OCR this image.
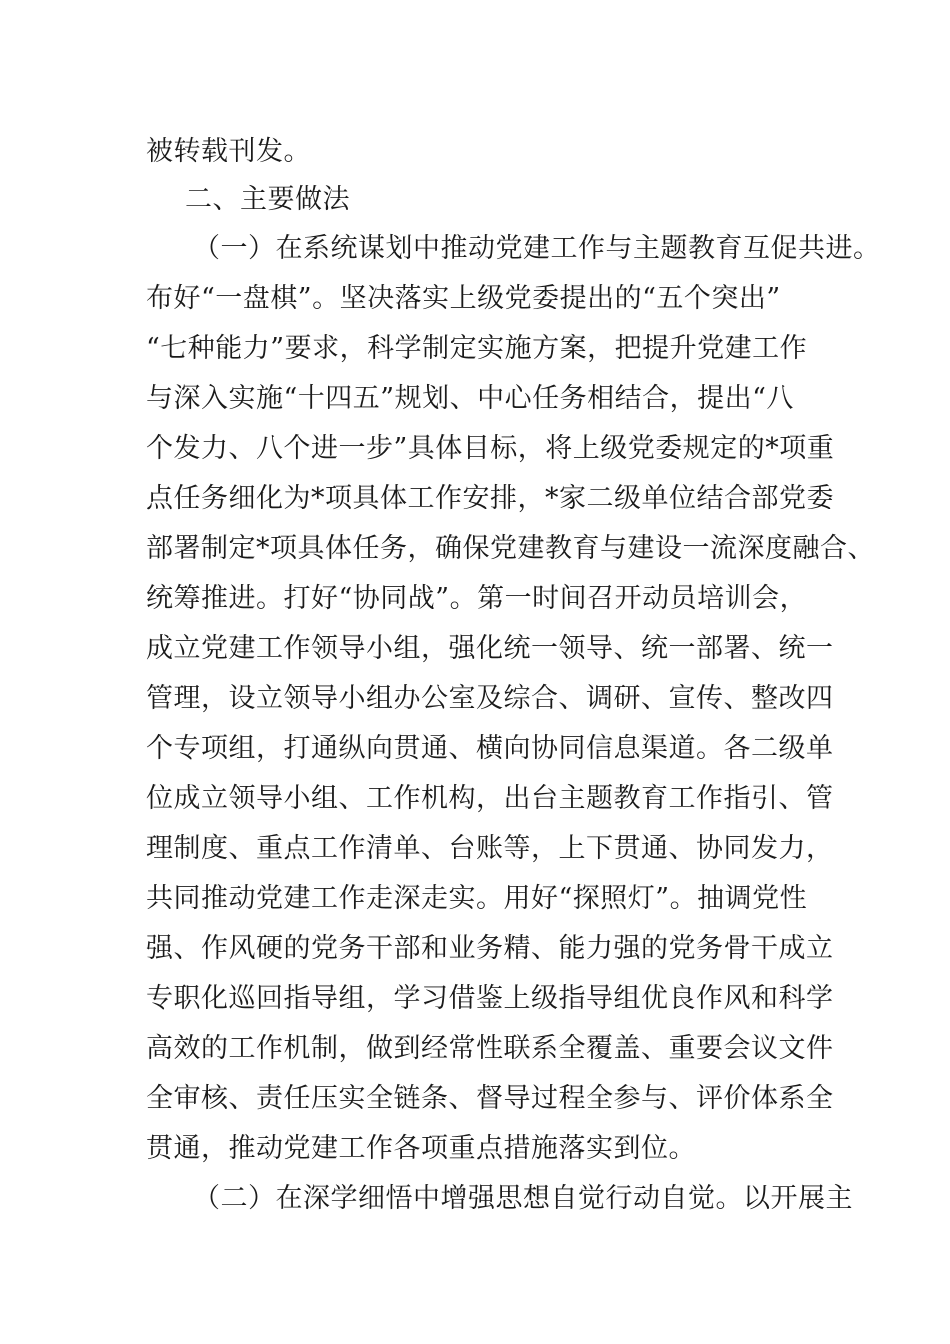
被转载刊发。
二、主要做法
（一）在系统谋划中推动党建工作与主题教育互促共进。
布好“一盘棋”。坚决落实上级党委提出的“五个突出”
“七种能力”要求，科学制定实施方案，把提升党建工作
与深入实施“十四五”规划、中心任务相结合，提出“八
个发力、八个进一步”具体目标，将上级党委规定的*项重
点任务细化为*项具体工作安排，*家二级单位结合部党委
部署制定*项具体任务，确保党建教育与建设一流深度融合、
统筹推进。打好“协同战”。第一时间召开动员培训会，
成立党建工作领导小组，强化统一领导、统一部署、统一
管理，设立领导小组办公室及综合、调研、宣传、整改四
个专项组，打通纵向贯通、横向协同信息渠道。各二级单
位成立领导小组、工作机构，出台主题教育工作指引、管
理制度、重点工作清单、台账等，上下贯通、协同发力，
共同推动党建工作走深走实。用好“探照灯”。抽调党性
强、作风硬的党务干部和业务精、能力强的党务骨干成立
专职化巡回指导组，学习借鉴上级指导组优良作风和科学
高效的工作机制，做到经常性联系全覆盖、重要会议文件
全审核、责任压实全链条、督导过程全参与、评价体系全
贯通，推动党建工作各项重点措施落实到位。
（二）在深学细悟中增强思想自觉行动自觉。以开展主
